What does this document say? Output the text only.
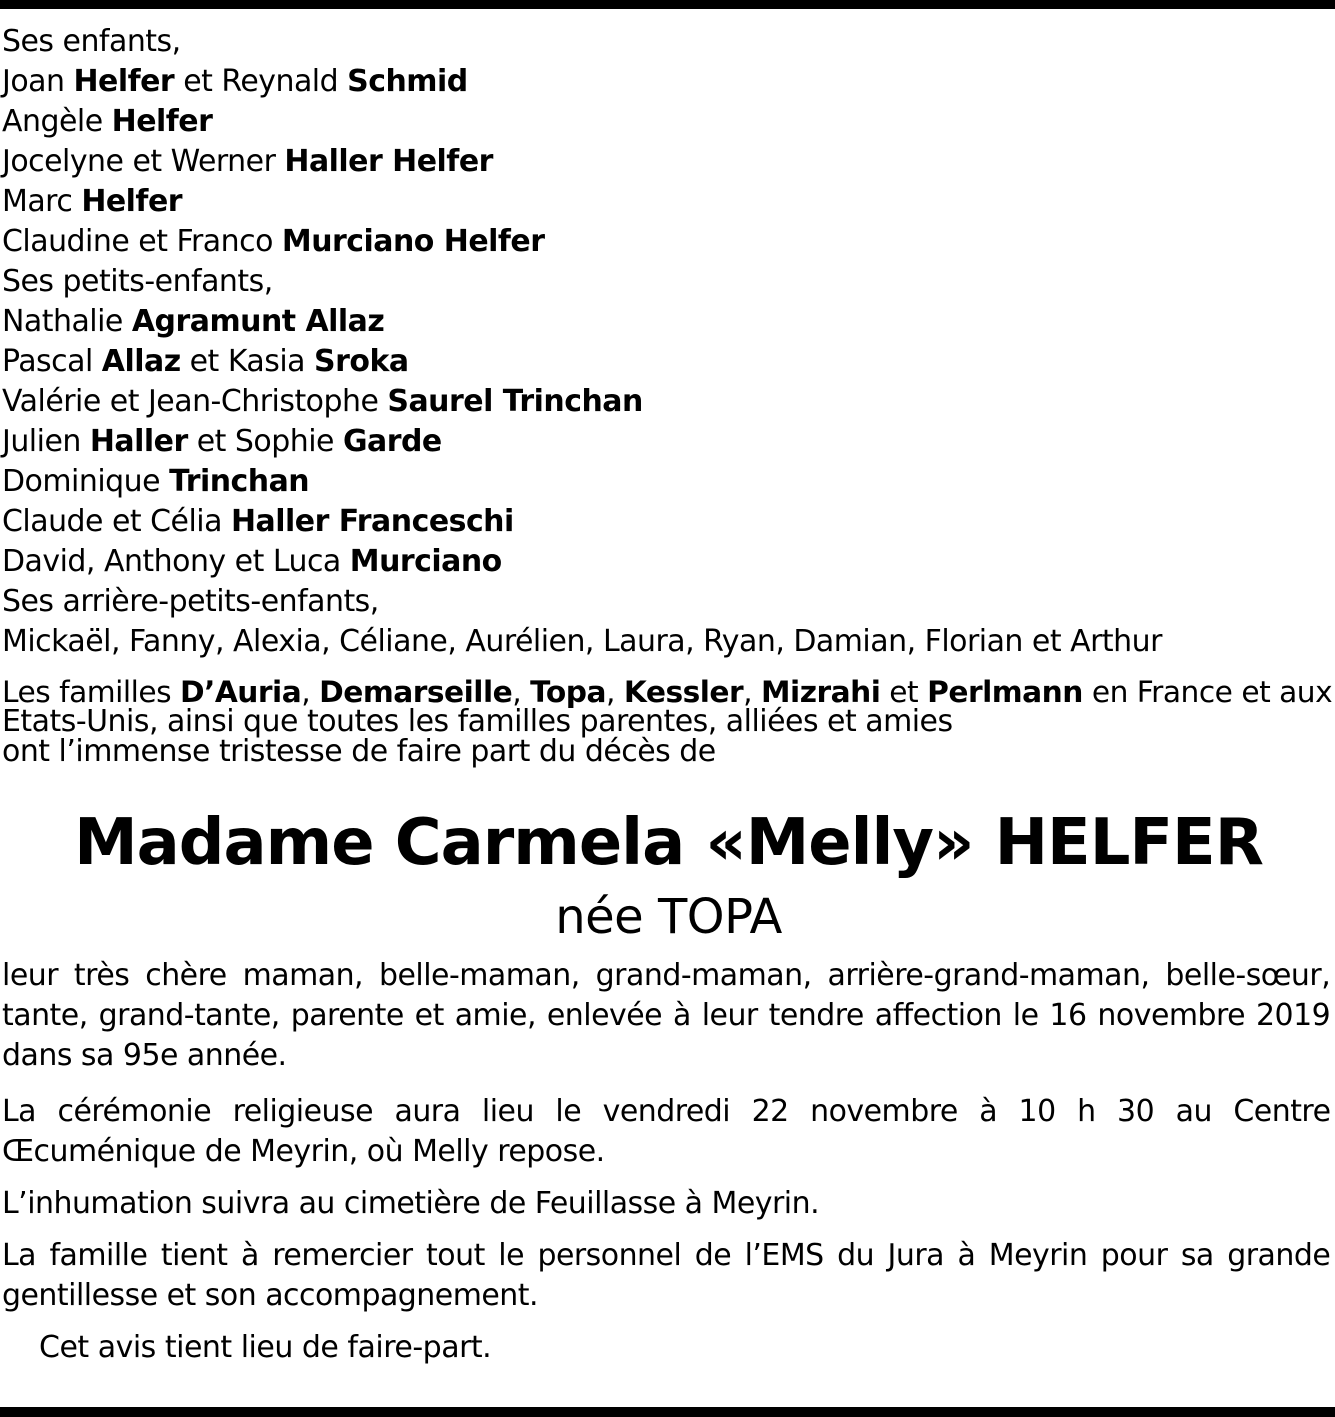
Ses enfants,
Joan Helfer et Reynald Schmid
Angèle Helfer
Jocelyne et Werner Haller Helfer
Marc Helfer
Claudine et Franco Murciano Helfer
Ses petits-enfants,
Nathalie Agramunt Allaz
Pascal Allaz et Kasia Sroka
Valérie et Jean-Christophe Saurel Trinchan
Julien Haller et Sophie Garde
Dominique Trinchan
Claude et Célia Haller Franceschi
David, Anthony et Luca Murciano
Ses arrière-petits-enfants,
Mickaël, Fanny, Alexia, Céliane, Aurélien, Laura, Ryan, Damian, Florian et Arthur
Les familles D’Auria, Demarseille, Topa, Kessler, Mizrahi et Perlmann en France et aux
Etats-Unis, ainsi que toutes les familles parentes, alliées et amies
ont l’immense tristesse de faire part du décès de
Madame Carmela «Melly» HELFER
née TOPA
leur très chère maman, belle-maman, grand-maman, arrière-grand-maman, belle-sœur,
tante, grand-tante, parente et amie, enlevée à leur tendre affection le 16 novembre 2019
dans sa 95e année.
La cérémonie religieuse aura lieu le vendredi 22 novembre à 10 h 30 au Centre
Œcuménique de Meyrin, où Melly repose.
L’inhumation suivra au cimetière de Feuillasse à Meyrin.
La famille tient à remercier tout le personnel de l’EMS du Jura à Meyrin pour sa grande
gentillesse et son accompagnement.
Cet avis tient lieu de faire-part.
